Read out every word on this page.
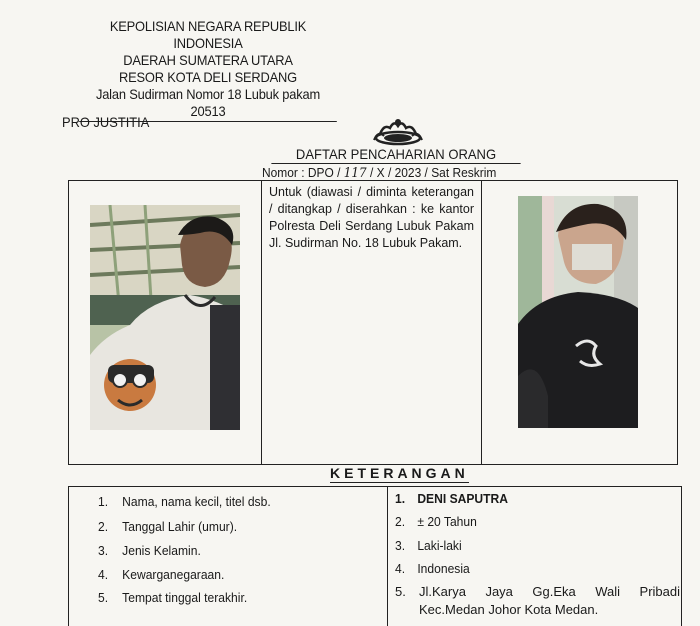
KEPOLISIAN NEGARA REPUBLIK INDONESIA
DAERAH SUMATERA UTARA
RESOR KOTA DELI SERDANG
Jalan Sudirman Nomor 18 Lubuk pakam 20513
PRO JUSTITIA
DAFTAR PENCAHARIAN ORANG
Nomor : DPO / 117 / X / 2023 / Sat Reskrim
Untuk (diawasi / diminta keterangan / ditangkap / diserahkan : ke kantor Polresta Deli Serdang Lubuk Pakam Jl. Sudirman No. 18 Lubuk Pakam.
KETERANGAN
1. Nama, nama kecil, titel dsb.
2. Tanggal Lahir (umur).
3. Jenis Kelamin.
4. Kewarganegaraan.
5. Tempat tinggal terakhir.
1. DENI SAPUTRA
2. ± 20 Tahun
3. Laki-laki
4. Indonesia
5. Jl.Karya Jaya Gg.Eka Wali Pribadi Kec.Medan Johor Kota Medan.
